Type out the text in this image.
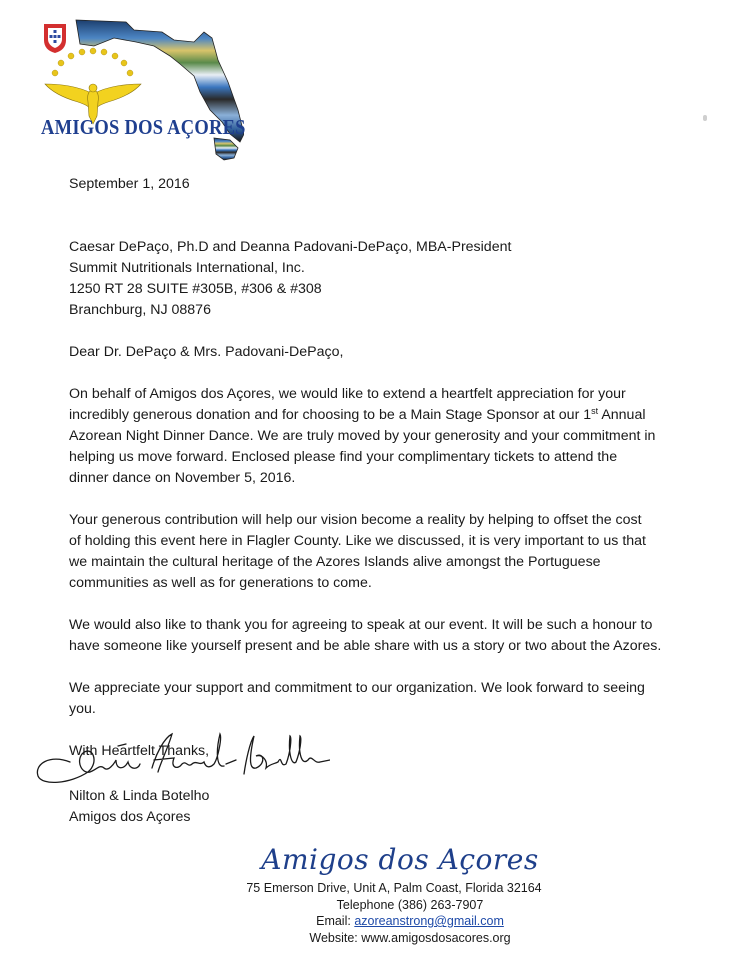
AMIGOS DOS AÇORES

September 1, 2016

Caesar DePaço, Ph.D and Deanna Padovani-DePaço, MBA-President

Summit Nutritionals International, Inc.

1250 RT 28 SUITE #305B, #306 & #308

Branchburg, NJ 08876

Dear Dr. DePaço & Mrs. Padovani-DePaço,

On behalf of Amigos dos Açores, we would like to extend a heartfelt appreciation for your

incredibly generous donation and for choosing to be a Main Stage Sponsor at our 1st Annual

Azorean Night Dinner Dance. We are truly moved by your generosity and your commitment in

helping us move forward. Enclosed please find your complimentary tickets to attend the

dinner dance on November 5, 2016.

Your generous contribution will help our vision become a reality by helping to offset the cost

of holding this event here in Flagler County. Like we discussed, it is very important to us that

we maintain the cultural heritage of the Azores Islands alive amongst the Portuguese

communities as well as for generations to come.

We would also like to thank you for agreeing to speak at our event. It will be such a honour to

have someone like yourself present and be able share with us a story or two about the Azores.

We appreciate your support and commitment to our organization. We look forward to seeing

you.

With Heartfelt Thanks,

Nilton & Linda Botelho
Amigos dos Açores
Amigos dos Açores
75 Emerson Drive, Unit A, Palm Coast, Florida 32164
Telephone (386) 263-7907
Email: azoreanstrong@gmail.com
Website: www.amigosdosacores.org
